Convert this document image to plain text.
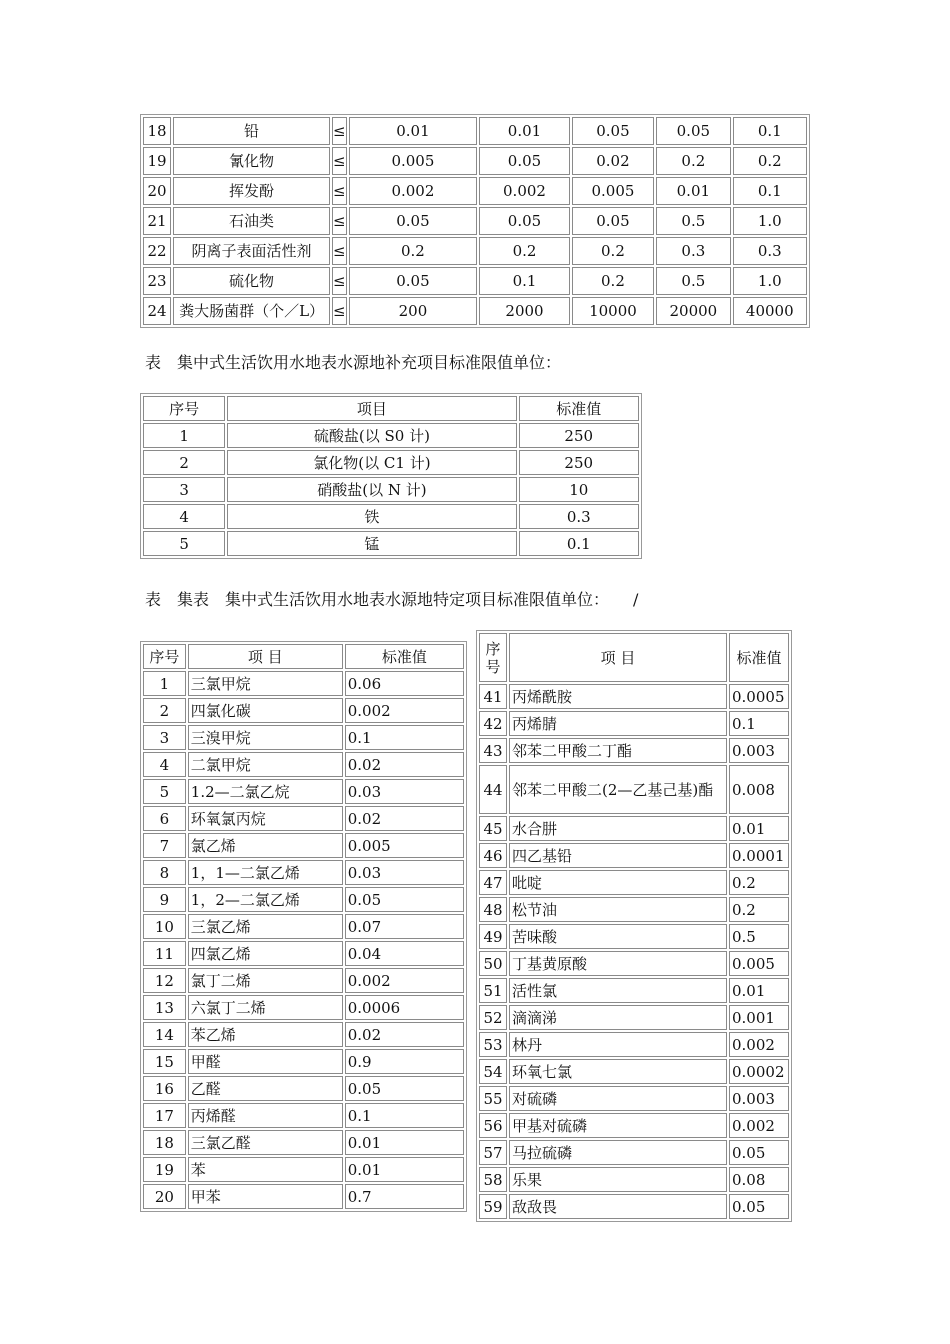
18	铅	≤	0.01	0.01	0.05	0.05	0.1
19	氰化物	≤	0.005	0.05	0.02	0.2	0.2
20	挥发酚	≤	0.002	0.002	0.005	0.01	0.1
21	石油类	≤	0.05	0.05	0.05	0.5	1.0
22	阴离子表面活性剂	≤	0.2	0.2	0.2	0.3	0.3
23	硫化物	≤	0.05	0.1	0.2	0.5	1.0
24	粪大肠菌群（个／L）	≤	200	2000	10000	20000	40000
表　集中式生活饮用水地表水源地补充项目标准限值单位：
序号	项目	标准值
1	硫酸盐(以 S0 计)	250
2	氯化物(以 C1 计)	250
3	硝酸盐(以 N 计)	10
4	铁	0.3
5	锰	0.1
表　集表　集中式生活饮用水地表水源地特定项目标准限值单位：　　/
序号	项 目	标准值
1	三氯甲烷	0.06
2	四氯化碳	0.002
3	三溴甲烷	0.1
4	二氯甲烷	0.02
5	1.2—二氯乙烷	0.03
6	环氧氯丙烷	0.02
7	氯乙烯	0.005
8	1，1—二氯乙烯	0.03
9	1，2—二氯乙烯	0.05
10	三氯乙烯	0.07
11	四氯乙烯	0.04
12	氯丁二烯	0.002
13	六氯丁二烯	0.0006
14	苯乙烯	0.02
15	甲醛	0.9
16	乙醛	0.05
17	丙烯醛	0.1
18	三氯乙醛	0.01
19	苯	0.01
20	甲苯	0.7
序号	项 目	标准值
41	丙烯酰胺	0.0005
42	丙烯腈	0.1
43	邻苯二甲酸二丁酯	0.003
44	邻苯二甲酸二(2—乙基己基)酯	0.008
45	水合肼	0.01
46	四乙基铅	0.0001
47	吡啶	0.2
48	松节油	0.2
49	苦味酸	0.5
50	丁基黄原酸	0.005
51	活性氯	0.01
52	滴滴涕	0.001
53	林丹	0.002
54	环氧七氯	0.0002
55	对硫磷	0.003
56	甲基对硫磷	0.002
57	马拉硫磷	0.05
58	乐果	0.08
59	敌敌畏	0.05
